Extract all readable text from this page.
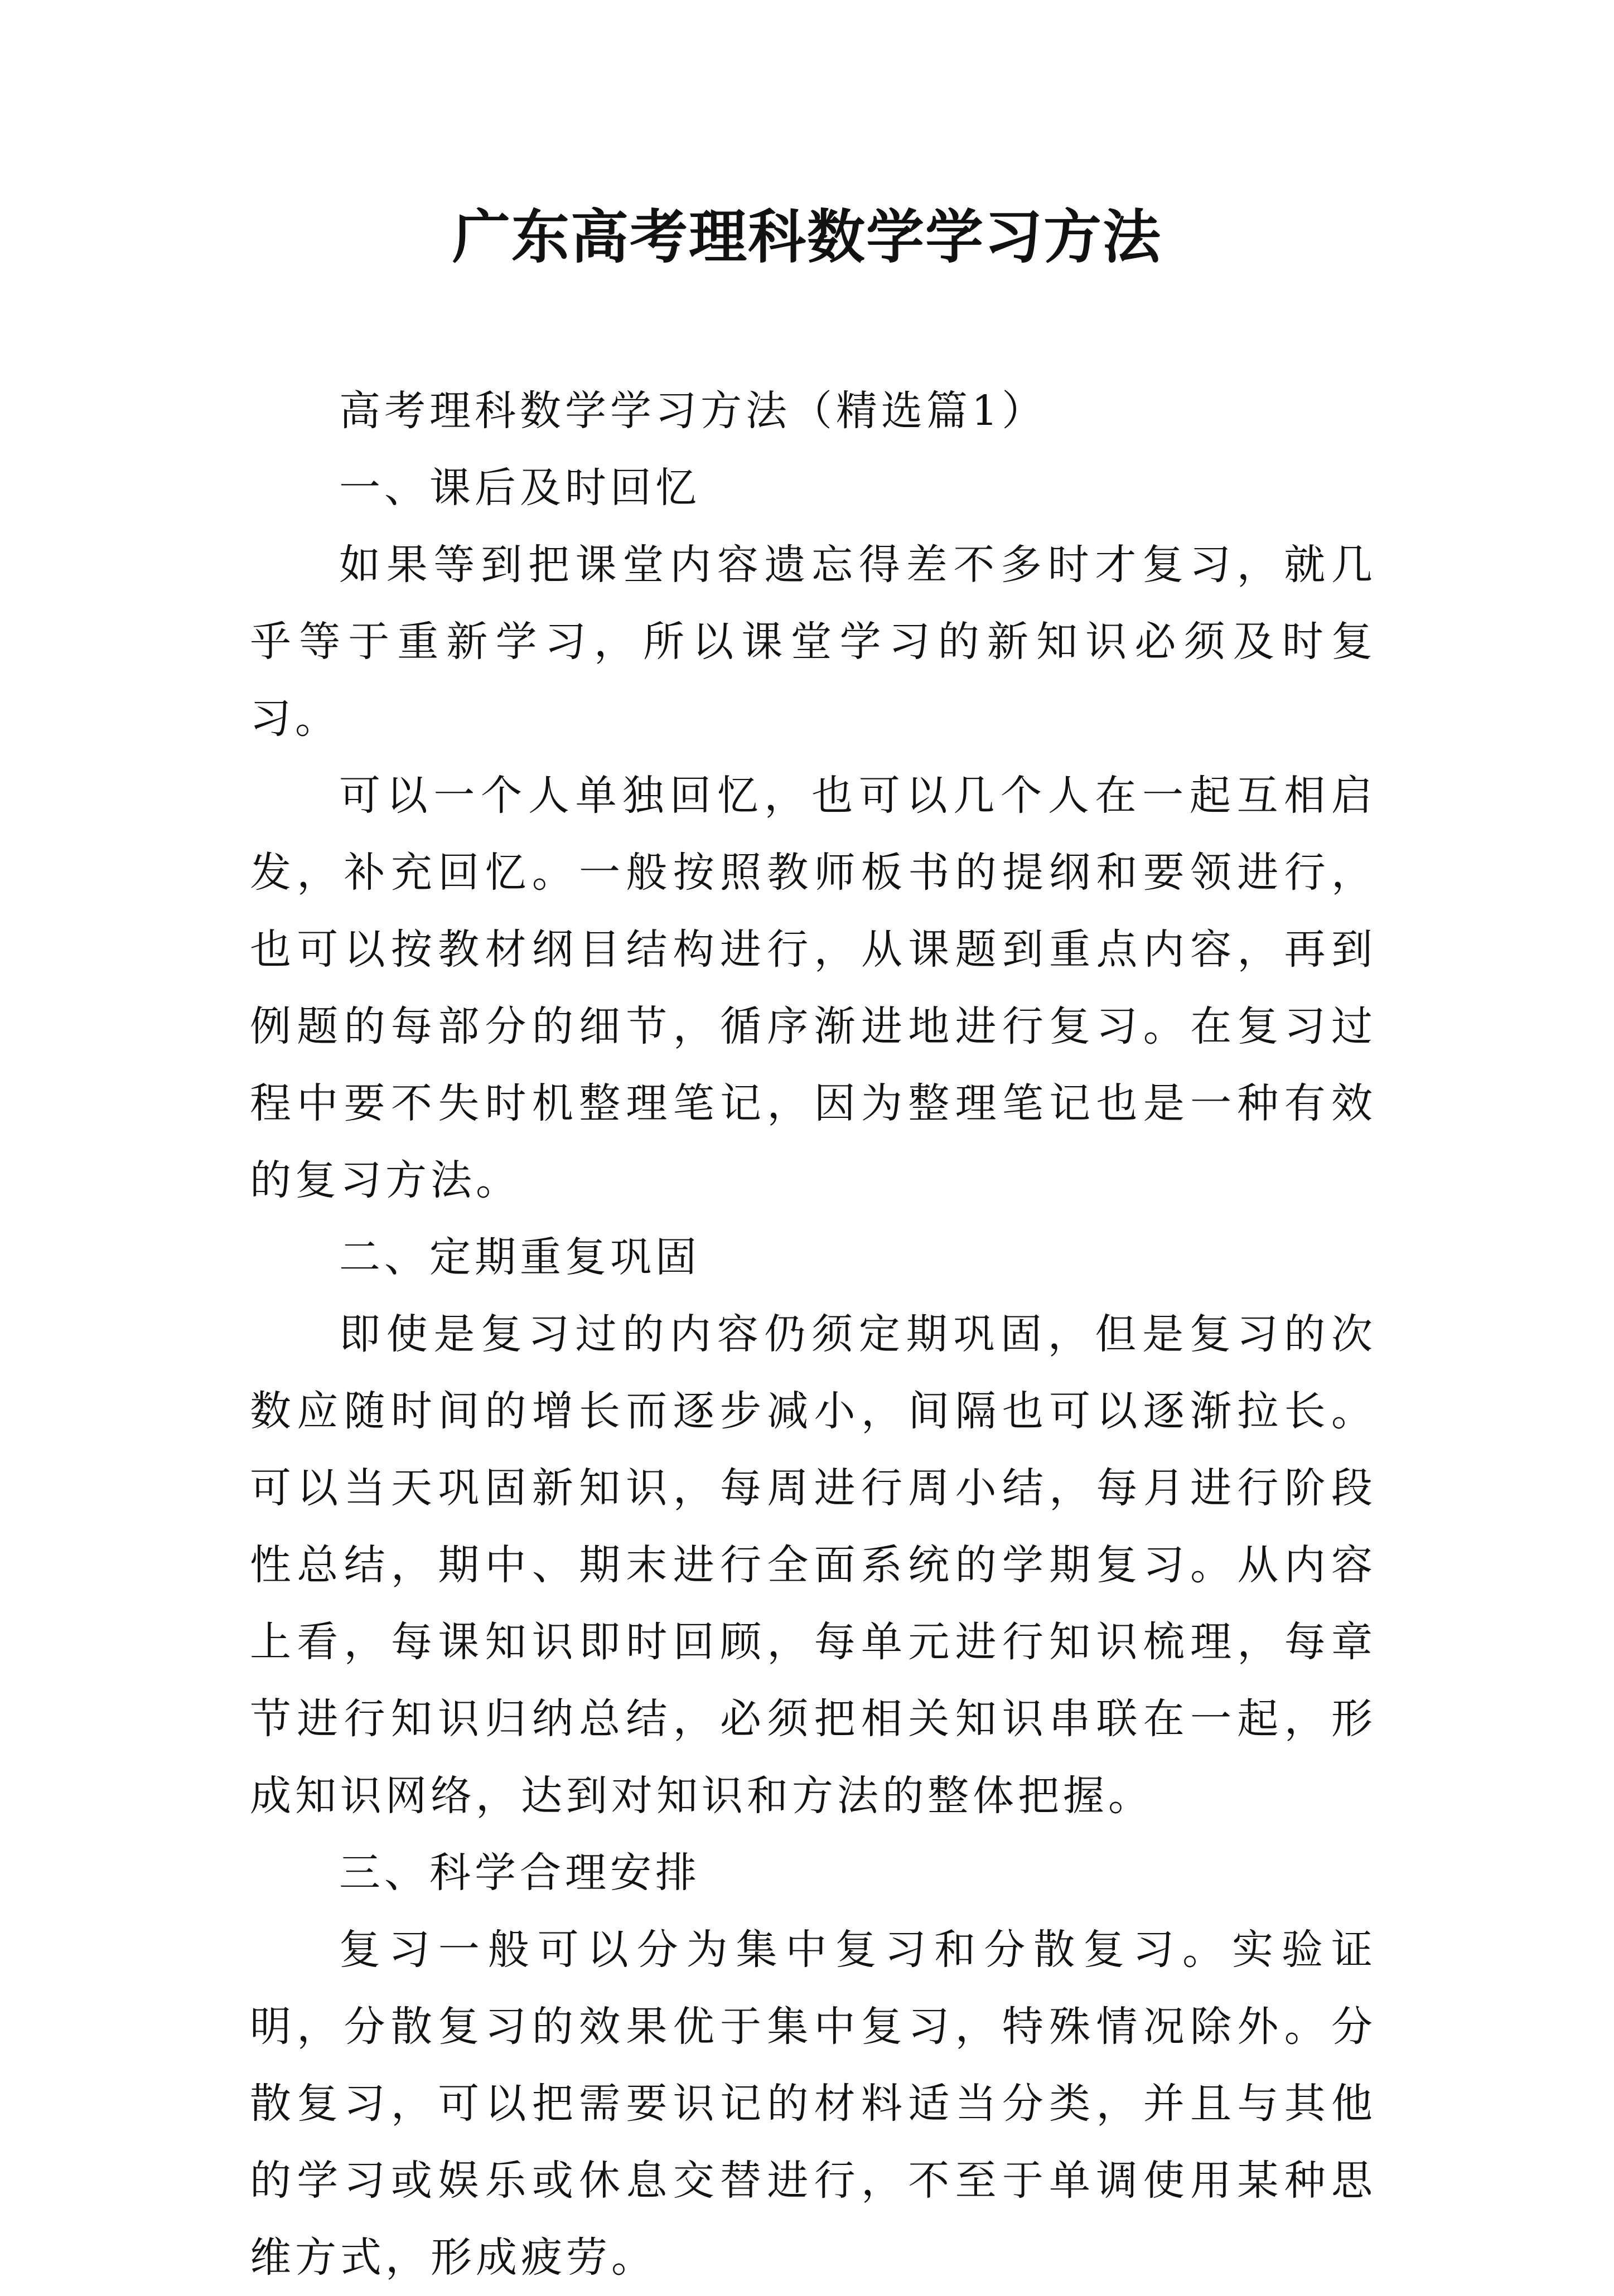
广东高考理科数学学习方法

高考理科数学学习方法（精选篇1）

一、课后及时回忆

如果等到把课堂内容遗忘得差不多时才复习，就几乎等于重新学习，所以课堂学习的新知识必须及时复习。

可以一个人单独回忆，也可以几个人在一起互相启发，补充回忆。一般按照教师板书的提纲和要领进行，也可以按教材纲目结构进行，从课题到重点内容，再到例题的每部分的细节，循序渐进地进行复习。在复习过程中要不失时机整理笔记，因为整理笔记也是一种有效的复习方法。

二、定期重复巩固

即使是复习过的内容仍须定期巩固，但是复习的次数应随时间的增长而逐步减小，间隔也可以逐渐拉长。可以当天巩固新知识，每周进行周小结，每月进行阶段性总结，期中、期末进行全面系统的学期复习。从内容上看，每课知识即时回顾，每单元进行知识梳理，每章节进行知识归纳总结，必须把相关知识串联在一起，形成知识网络，达到对知识和方法的整体把握。

三、科学合理安排

复习一般可以分为集中复习和分散复习。实验证明，分散复习的效果优于集中复习，特殊情况除外。分散复习，可以把需要识记的材料适当分类，并且与其他的学习或娱乐或休息交替进行，不至于单调使用某种思维方式，形成疲劳。
